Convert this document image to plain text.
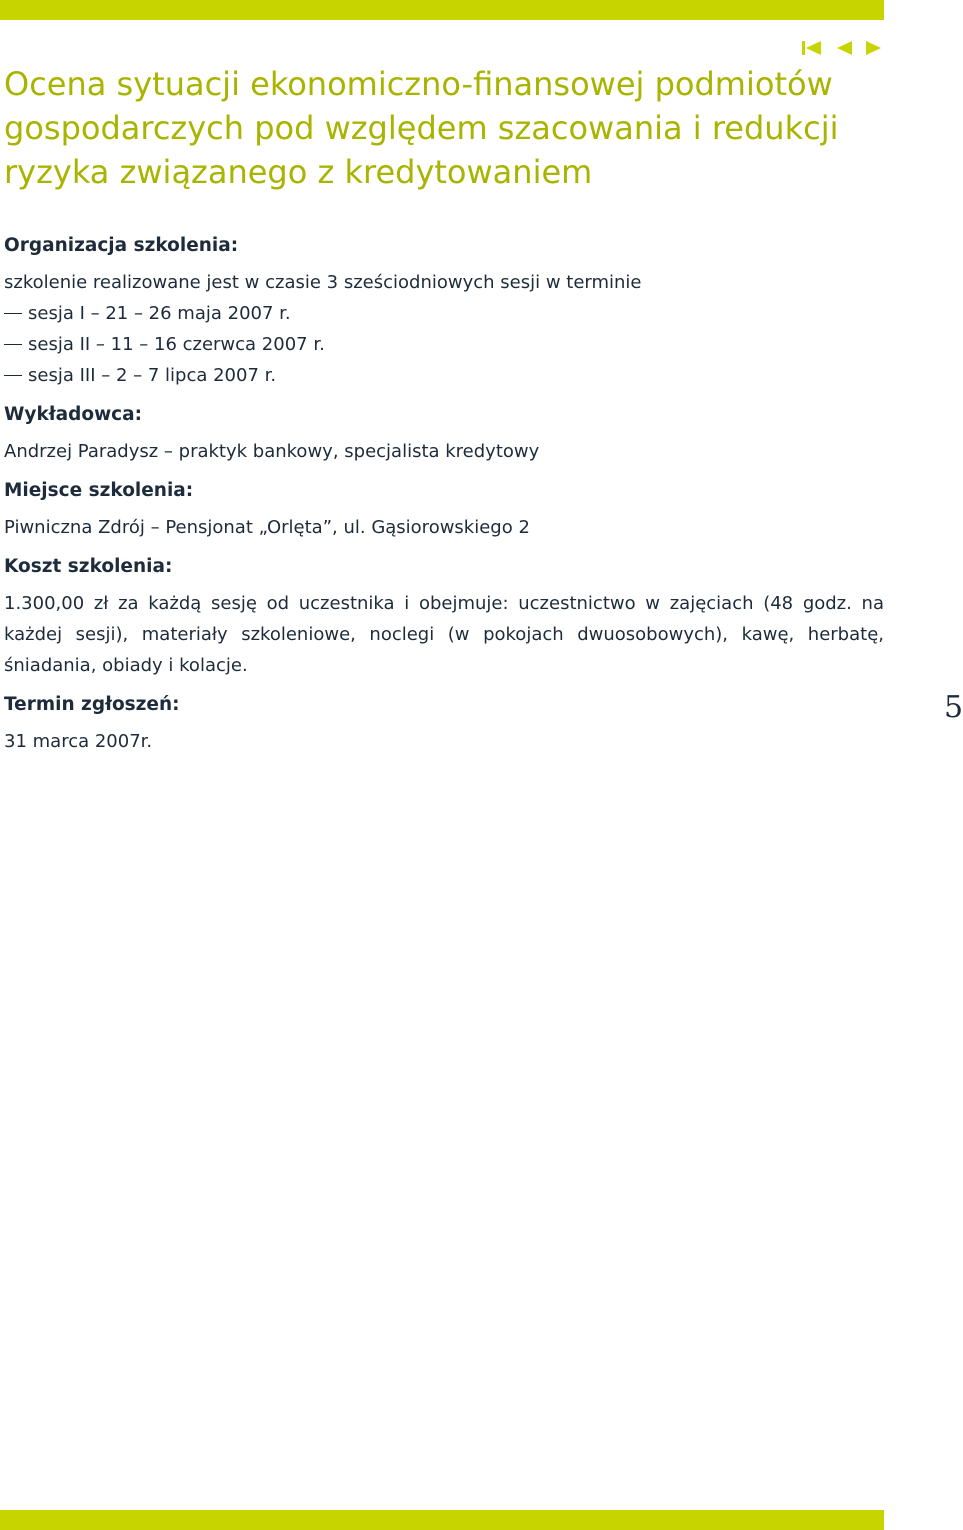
Ocena sytuacji ekonomiczno-finansowej podmiotów gospodarczych pod względem szacowania i redukcji ryzyka związanego z kredytowaniem

Organizacja szkolenia:

szkolenie realizowane jest w czasie 3 sześciodniowych sesji w terminie

sesja I – 21 – 26 maja 2007 r.
sesja II – 11 – 16 czerwca 2007 r.
sesja III – 2 – 7 lipca 2007 r.

Wykładowca:

Andrzej Paradysz – praktyk bankowy, specjalista kredytowy

Miejsce szkolenia:

Piwniczna Zdrój – Pensjonat „Orlęta”, ul. Gąsiorowskiego 2

Koszt szkolenia:

1.300,00 zł za każdą sesję od uczestnika i obejmuje: uczestnictwo w zajęciach (48 godz. na każdej sesji), materiały szkoleniowe, noclegi (w pokojach dwuosobowych), kawę, herbatę, śniadania, obiady i kolacje.

Termin zgłoszeń:

31 marca 2007r.

5
